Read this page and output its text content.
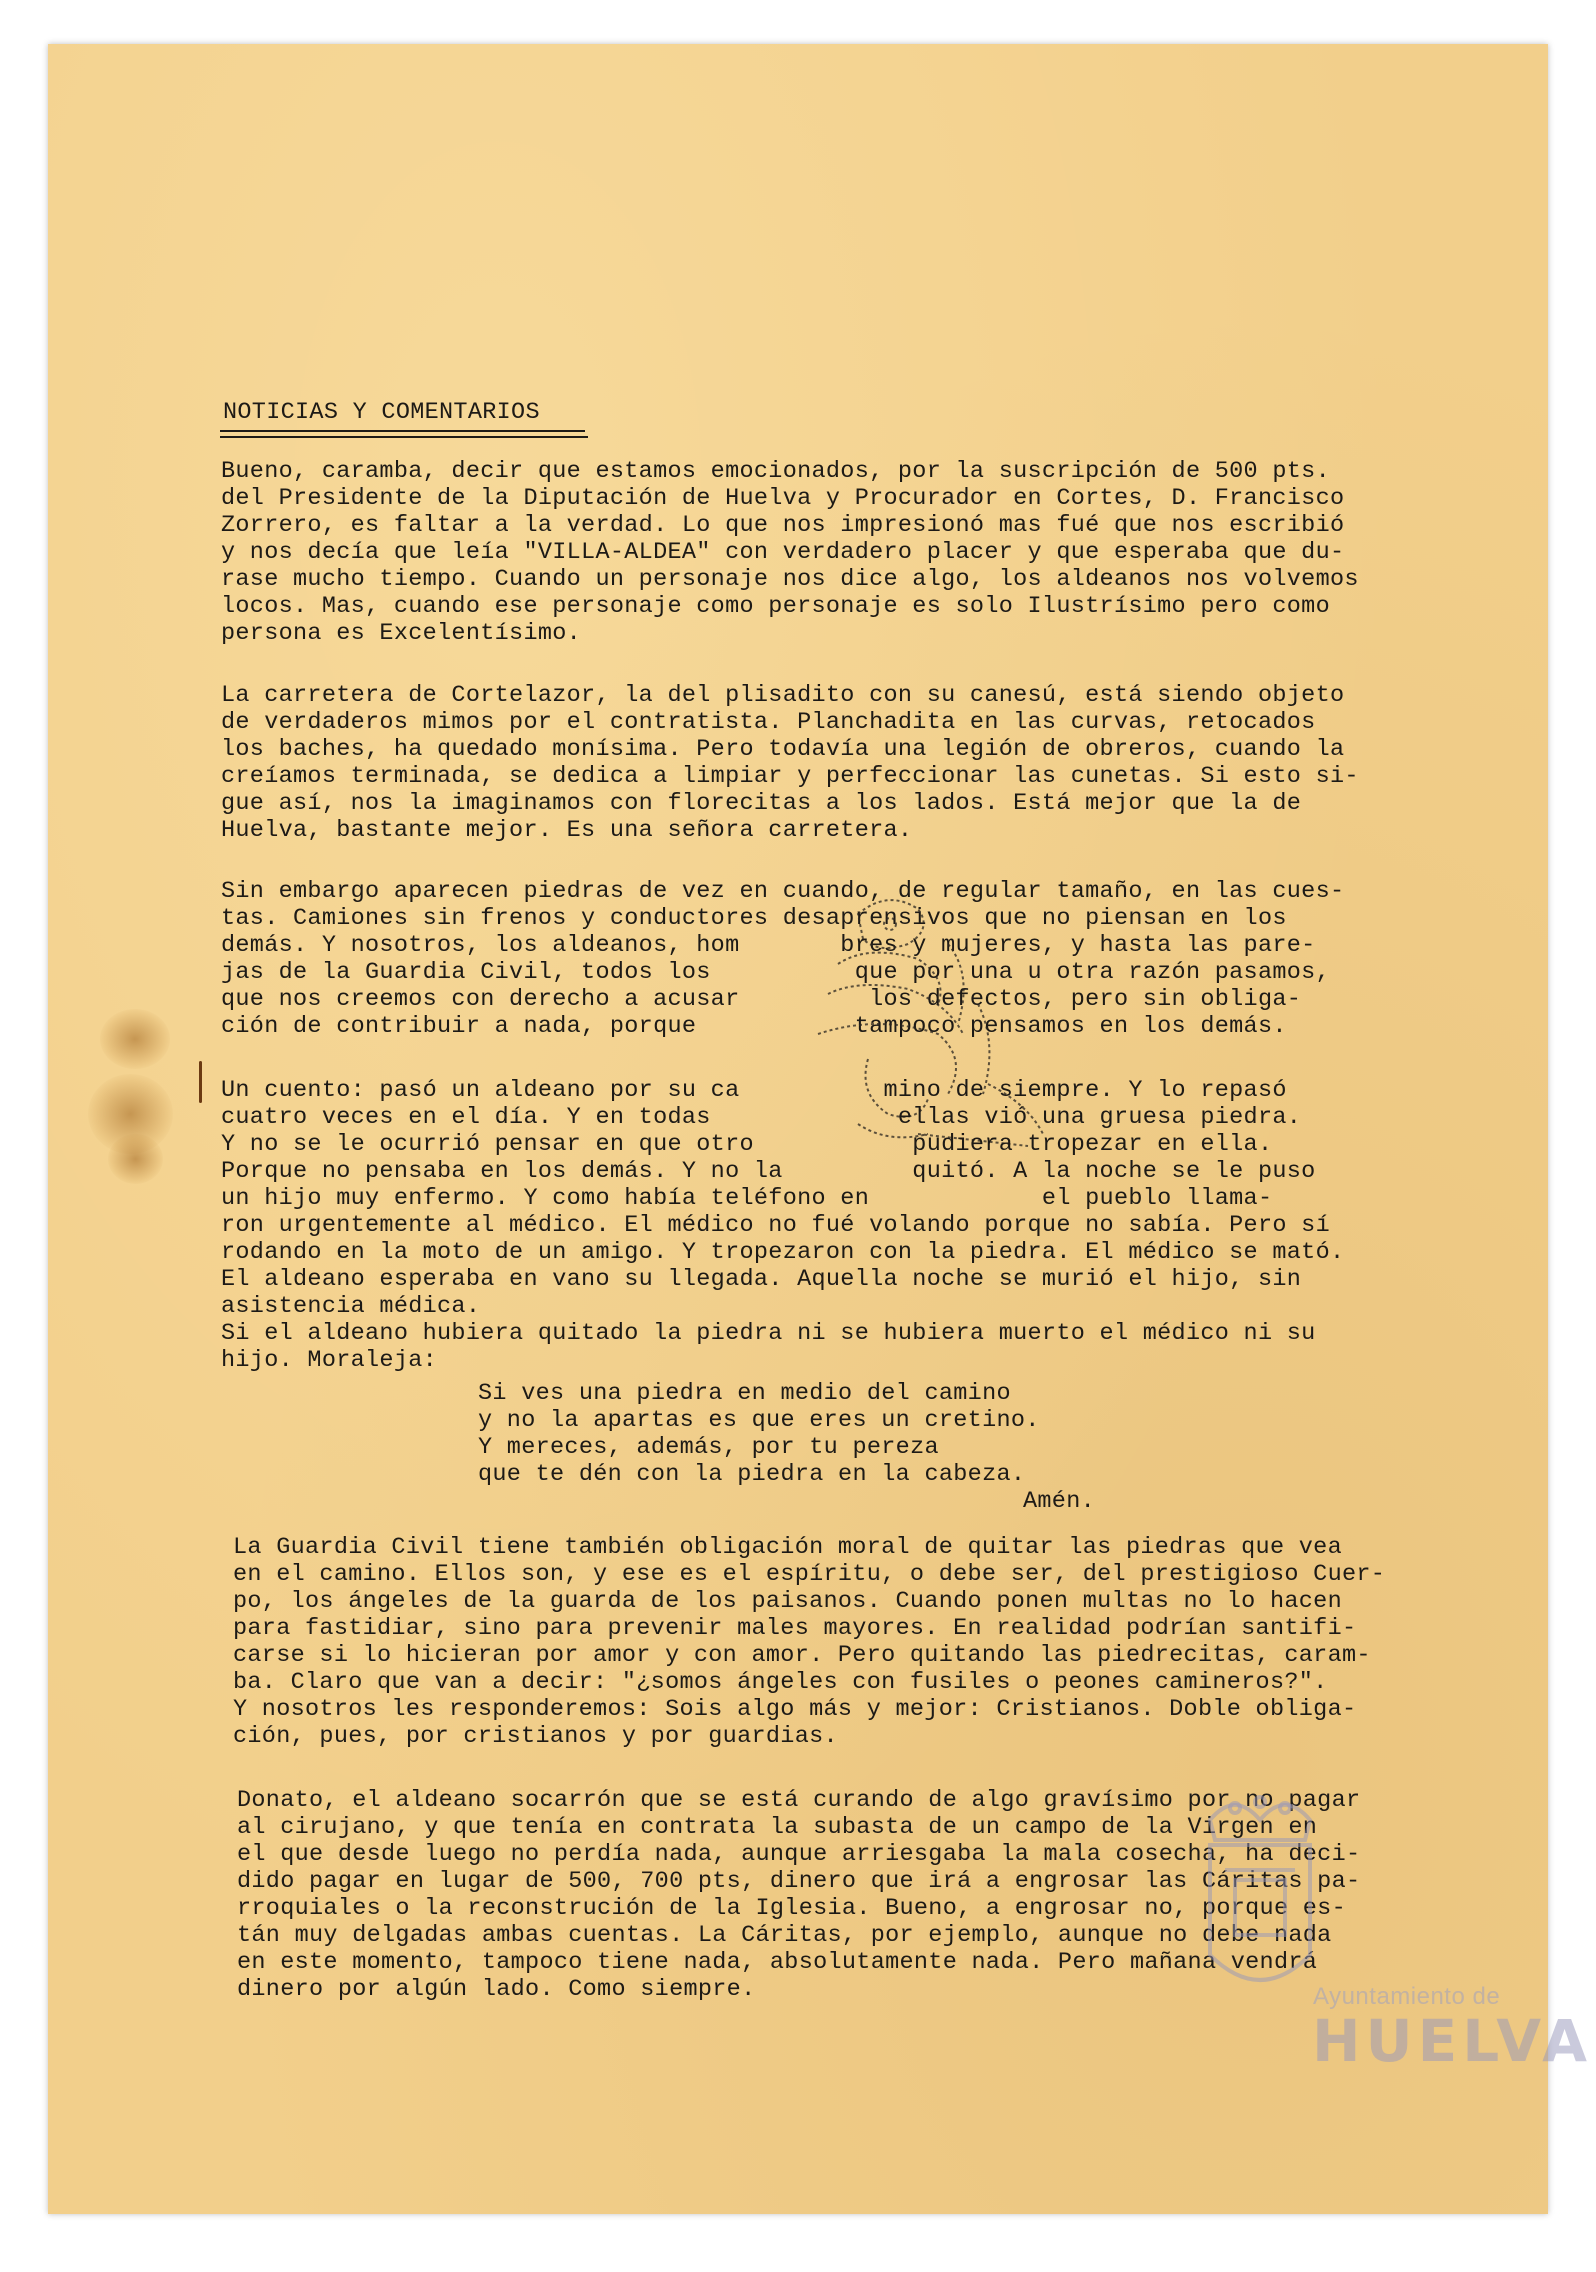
NOTICIAS Y COMENTARIOS
Bueno, caramba, decir que estamos emocionados, por la suscripción de 500 pts.
del Presidente de la Diputación de Huelva y Procurador en Cortes, D. Francisco
Zorrero, es faltar a la verdad. Lo que nos impresionó mas fué que nos escribió
y nos decía que leía "VILLA-ALDEA" con verdadero placer y que esperaba que du-
rase mucho tiempo. Cuando un personaje nos dice algo, los aldeanos nos volvemos
locos. Mas, cuando ese personaje como personaje es solo Ilustrísimo pero como
persona es Excelentísimo.
La carretera de Cortelazor, la del plisadito con su canesú, está siendo objeto
de verdaderos mimos por el contratista. Planchadita en las curvas, retocados
los baches, ha quedado monísima. Pero todavía una legión de obreros, cuando la
creíamos terminada, se dedica a limpiar y perfeccionar las cunetas. Si esto si-
gue así, nos la imaginamos con florecitas a los lados. Está mejor que la de
Huelva, bastante mejor. Es una señora carretera.
Sin embargo aparecen piedras de vez en cuando, de regular tamaño, en las cues-
tas. Camiones sin frenos y conductores desaprensivos que no piensan en los
demás. Y nosotros, los aldeanos, hom       bres y mujeres, y hasta las pare-
jas de la Guardia Civil, todos los          que por una u otra razón pasamos,
que nos creemos con derecho a acusar         los defectos, pero sin obliga-
ción de contribuir a nada, porque           tampoco pensamos en los demás.
Un cuento: pasó un aldeano por su ca          mino de siempre. Y lo repasó
cuatro veces en el día. Y en todas             ellas vió una gruesa piedra.
Y no se le ocurrió pensar en que otro           pudiera tropezar en ella.
Porque no pensaba en los demás. Y no la         quitó. A la noche se le puso
un hijo muy enfermo. Y como había teléfono en            el pueblo llama-
ron urgentemente al médico. El médico no fué volando porque no sabía. Pero sí
rodando en la moto de un amigo. Y tropezaron con la piedra. El médico se mató.
El aldeano esperaba en vano su llegada. Aquella noche se murió el hijo, sin
asistencia médica.
Si el aldeano hubiera quitado la piedra ni se hubiera muerto el médico ni su
hijo. Moraleja:
Si ves una piedra en medio del camino
y no la apartas es que eres un cretino.
Y mereces, además, por tu pereza
que te dén con la piedra en la cabeza.
Amén.
La Guardia Civil tiene también obligación moral de quitar las piedras que vea
en el camino. Ellos son, y ese es el espíritu, o debe ser, del prestigioso Cuer-
po, los ángeles de la guarda de los paisanos. Cuando ponen multas no lo hacen
para fastidiar, sino para prevenir males mayores. En realidad podrían santifi-
carse si lo hicieran por amor y con amor. Pero quitando las piedrecitas, caram-
ba. Claro que van a decir: "¿somos ángeles con fusiles o peones camineros?".
Y nosotros les responderemos: Sois algo más y mejor: Cristianos. Doble obliga-
ción, pues, por cristianos y por guardias.
Donato, el aldeano socarrón que se está curando de algo gravísimo por no pagar
al cirujano, y que tenía en contrata la subasta de un campo de la Virgen en
el que desde luego no perdía nada, aunque arriesgaba la mala cosecha, ha deci-
dido pagar en lugar de 500, 700 pts, dinero que irá a engrosar las Cáritas pa-
rroquiales o la reconstrución de la Iglesia. Bueno, a engrosar no, porque es-
tán muy delgadas ambas cuentas. La Cáritas, por ejemplo, aunque no debe nada
en este momento, tampoco tiene nada, absolutamente nada. Pero mañana vendrá
dinero por algún lado. Como siempre.	Ayuntamiento de
HUELVA
